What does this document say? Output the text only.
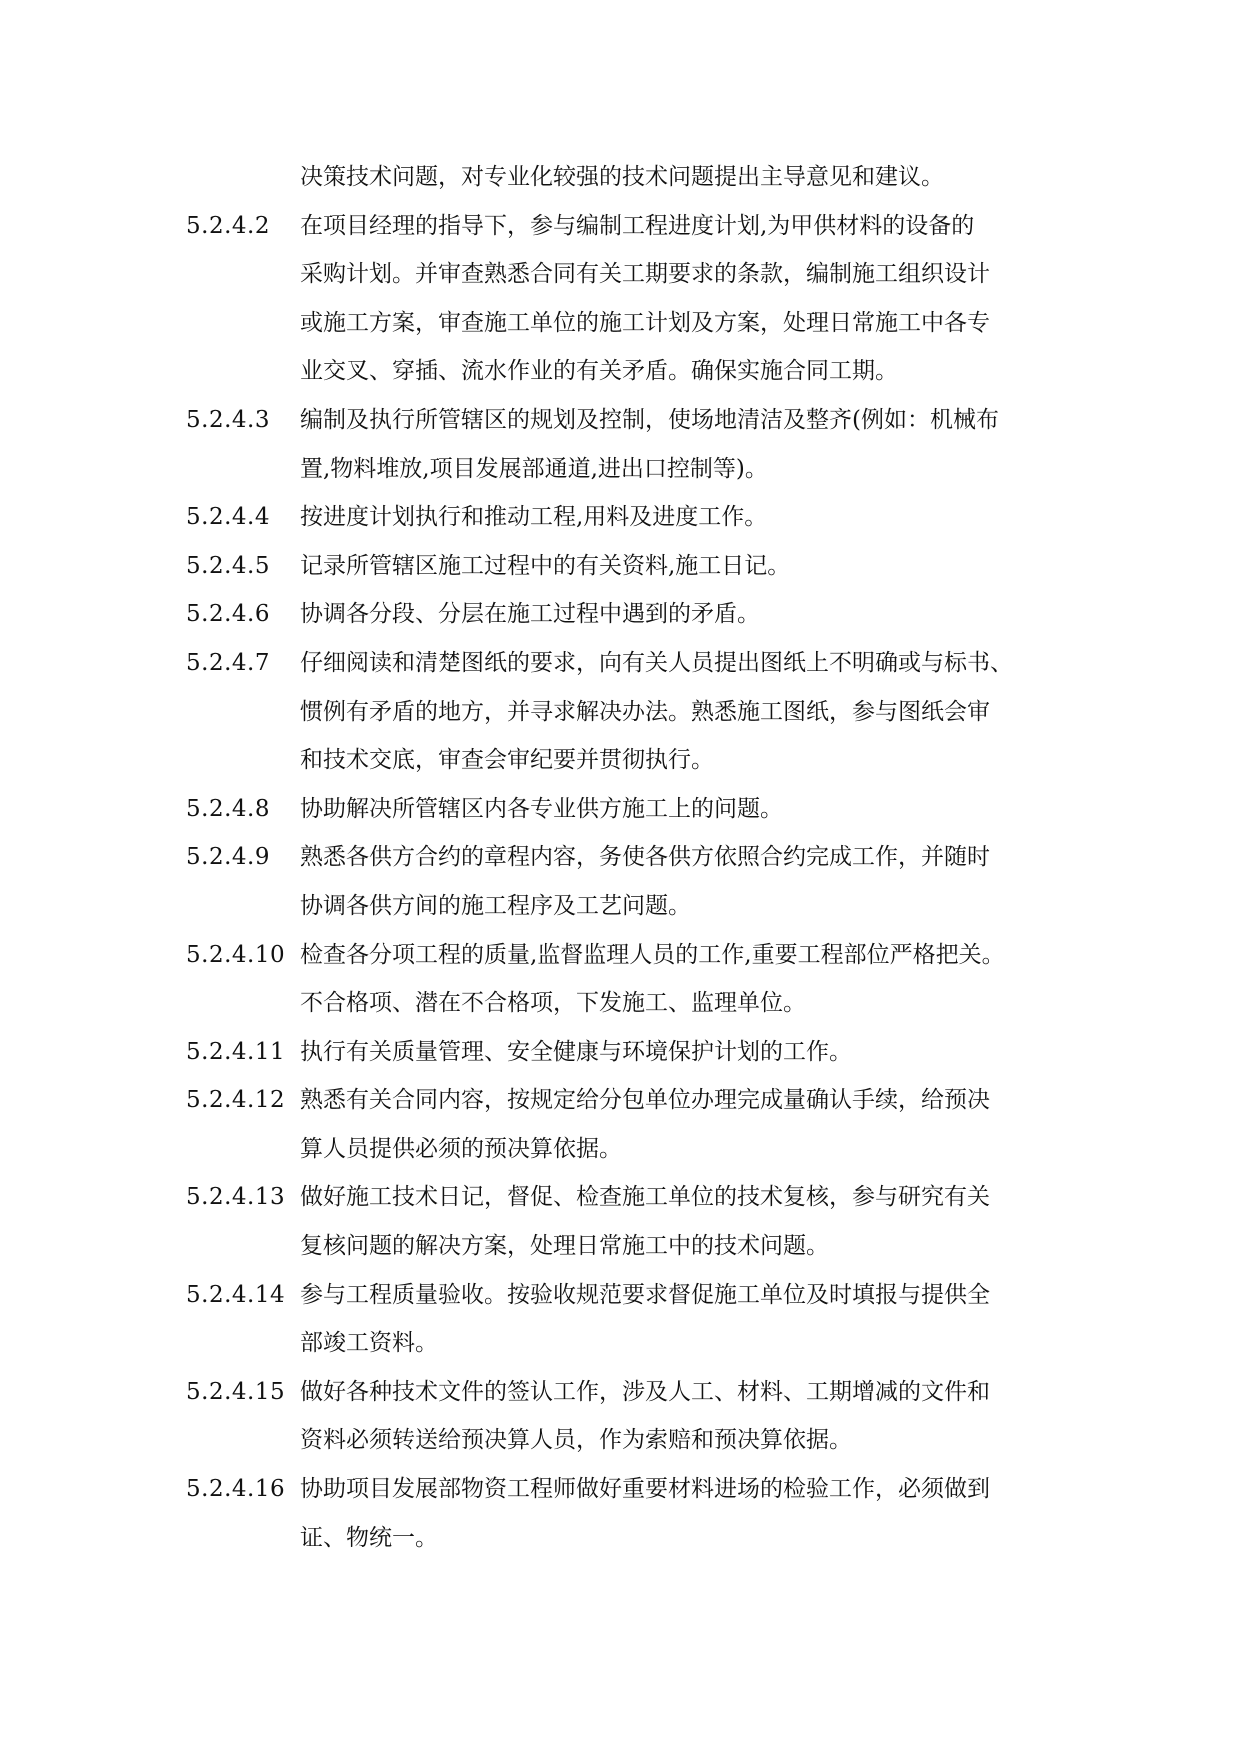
决策技术问题，对专业化较强的技术问题提出主导意见和建议。
5.2.4.2	在项目经理的指导下，参与编制工程进度计划,为甲供材料的设备的
采购计划。并审查熟悉合同有关工期要求的条款，编制施工组织设计
或施工方案，审查施工单位的施工计划及方案，处理日常施工中各专
业交叉、穿插、流水作业的有关矛盾。确保实施合同工期。
5.2.4.3	编制及执行所管辖区的规划及控制，使场地清洁及整齐(例如：机械布
置,物料堆放,项目发展部通道,进出口控制等)。
5.2.4.4	按进度计划执行和推动工程,用料及进度工作。
5.2.4.5	记录所管辖区施工过程中的有关资料,施工日记。
5.2.4.6	协调各分段、分层在施工过程中遇到的矛盾。
5.2.4.7	仔细阅读和清楚图纸的要求，向有关人员提出图纸上不明确或与标书、
惯例有矛盾的地方，并寻求解决办法。熟悉施工图纸，参与图纸会审
和技术交底，审查会审纪要并贯彻执行。
5.2.4.8	协助解决所管辖区内各专业供方施工上的问题。
5.2.4.9	熟悉各供方合约的章程内容，务使各供方依照合约完成工作，并随时
协调各供方间的施工程序及工艺问题。
5.2.4.10 检查各分项工程的质量,监督监理人员的工作,重要工程部位严格把关。
不合格项、潜在不合格项，下发施工、监理单位。
5.2.4.11 执行有关质量管理、安全健康与环境保护计划的工作。
5.2.4.12 熟悉有关合同内容，按规定给分包单位办理完成量确认手续，给预决
算人员提供必须的预决算依据。
5.2.4.13 做好施工技术日记，督促、检查施工单位的技术复核，参与研究有关
复核问题的解决方案，处理日常施工中的技术问题。
5.2.4.14 参与工程质量验收。按验收规范要求督促施工单位及时填报与提供全
部竣工资料。
5.2.4.15 做好各种技术文件的签认工作，涉及人工、材料、工期增减的文件和
资料必须转送给预决算人员，作为索赔和预决算依据。
5.2.4.16 协助项目发展部物资工程师做好重要材料进场的检验工作，必须做到
证、物统一。
